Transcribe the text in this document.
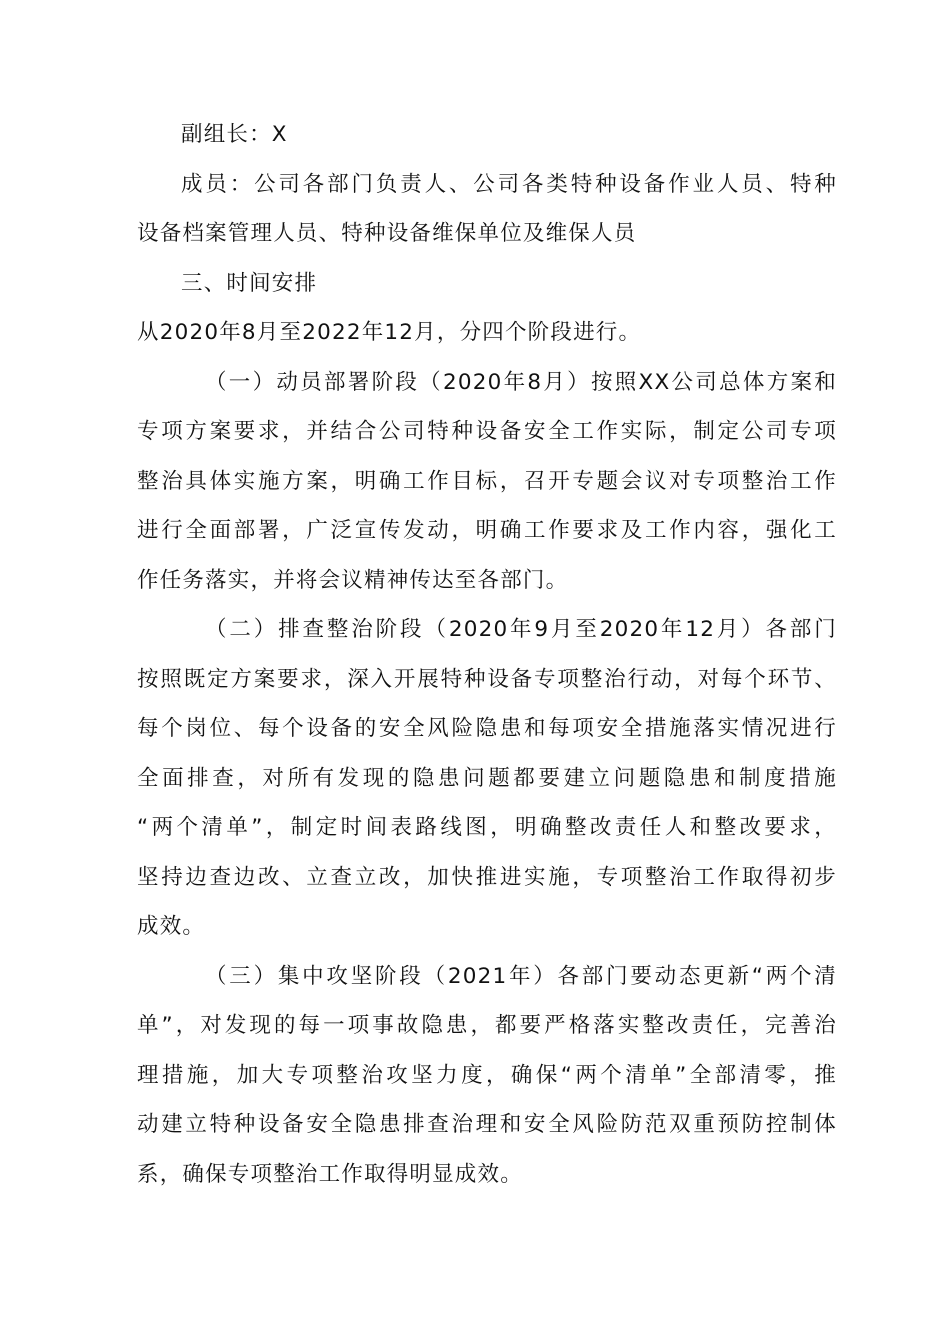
副组长：X
成员：公司各部门负责人、公司各类特种设备作业人员、特种
设备档案管理人员、特种设备维保单位及维保人员
三、时间安排
从2020年8月至2022年12月，分四个阶段进行。
（一）动员部署阶段（2020年8月）按照XX公司总体方案和
专项方案要求，并结合公司特种设备安全工作实际，制定公司专项
整治具体实施方案，明确工作目标，召开专题会议对专项整治工作
进行全面部署，广泛宣传发动，明确工作要求及工作内容，强化工
作任务落实，并将会议精神传达至各部门。
（二）排查整治阶段（2020年9月至2020年12月）各部门
按照既定方案要求，深入开展特种设备专项整治行动，对每个环节、
每个岗位、每个设备的安全风险隐患和每项安全措施落实情况进行
全面排查，对所有发现的隐患问题都要建立问题隐患和制度措施
“两个清单”，制定时间表路线图，明确整改责任人和整改要求，
坚持边查边改、立查立改，加快推进实施，专项整治工作取得初步
成效。
（三）集中攻坚阶段（2021年）各部门要动态更新“两个清
单”，对发现的每一项事故隐患，都要严格落实整改责任，完善治
理措施，加大专项整治攻坚力度，确保“两个清单”全部清零，推
动建立特种设备安全隐患排查治理和安全风险防范双重预防控制体
系，确保专项整治工作取得明显成效。
